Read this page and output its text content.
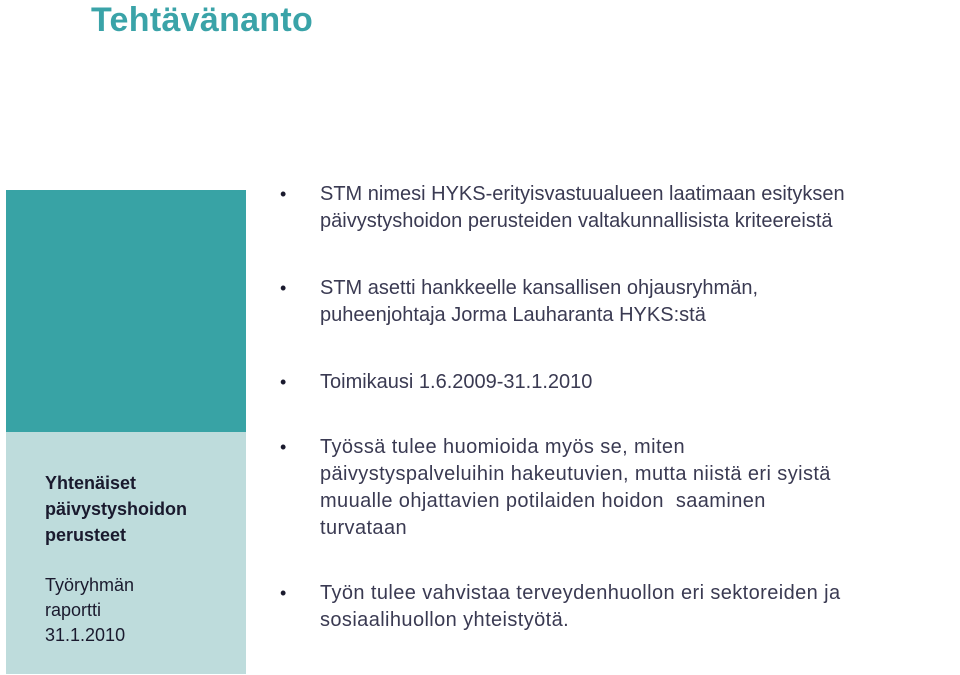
Tehtävänanto
Yhtenäiset
päivystyshoidon
perusteet
Työryhmän
raportti
31.1.2010
• STM nimesi HYKS-erityisvastuualueen laatimaan esityksen
päivystyshoidon perusteiden valtakunnallisista kriteereistä
• STM asetti hankkeelle kansallisen ohjausryhmän,
puheenjohtaja Jorma Lauharanta HYKS:stä
• Toimikausi 1.6.2009-31.1.2010
• Työssä tulee huomioida myös se, miten
päivystyspalveluihin hakeutuvien, mutta niistä eri syistä
muualle ohjattavien potilaiden hoidon  saaminen
turvataan
• Työn tulee vahvistaa terveydenhuollon eri sektoreiden ja
sosiaalihuollon yhteistyötä.
